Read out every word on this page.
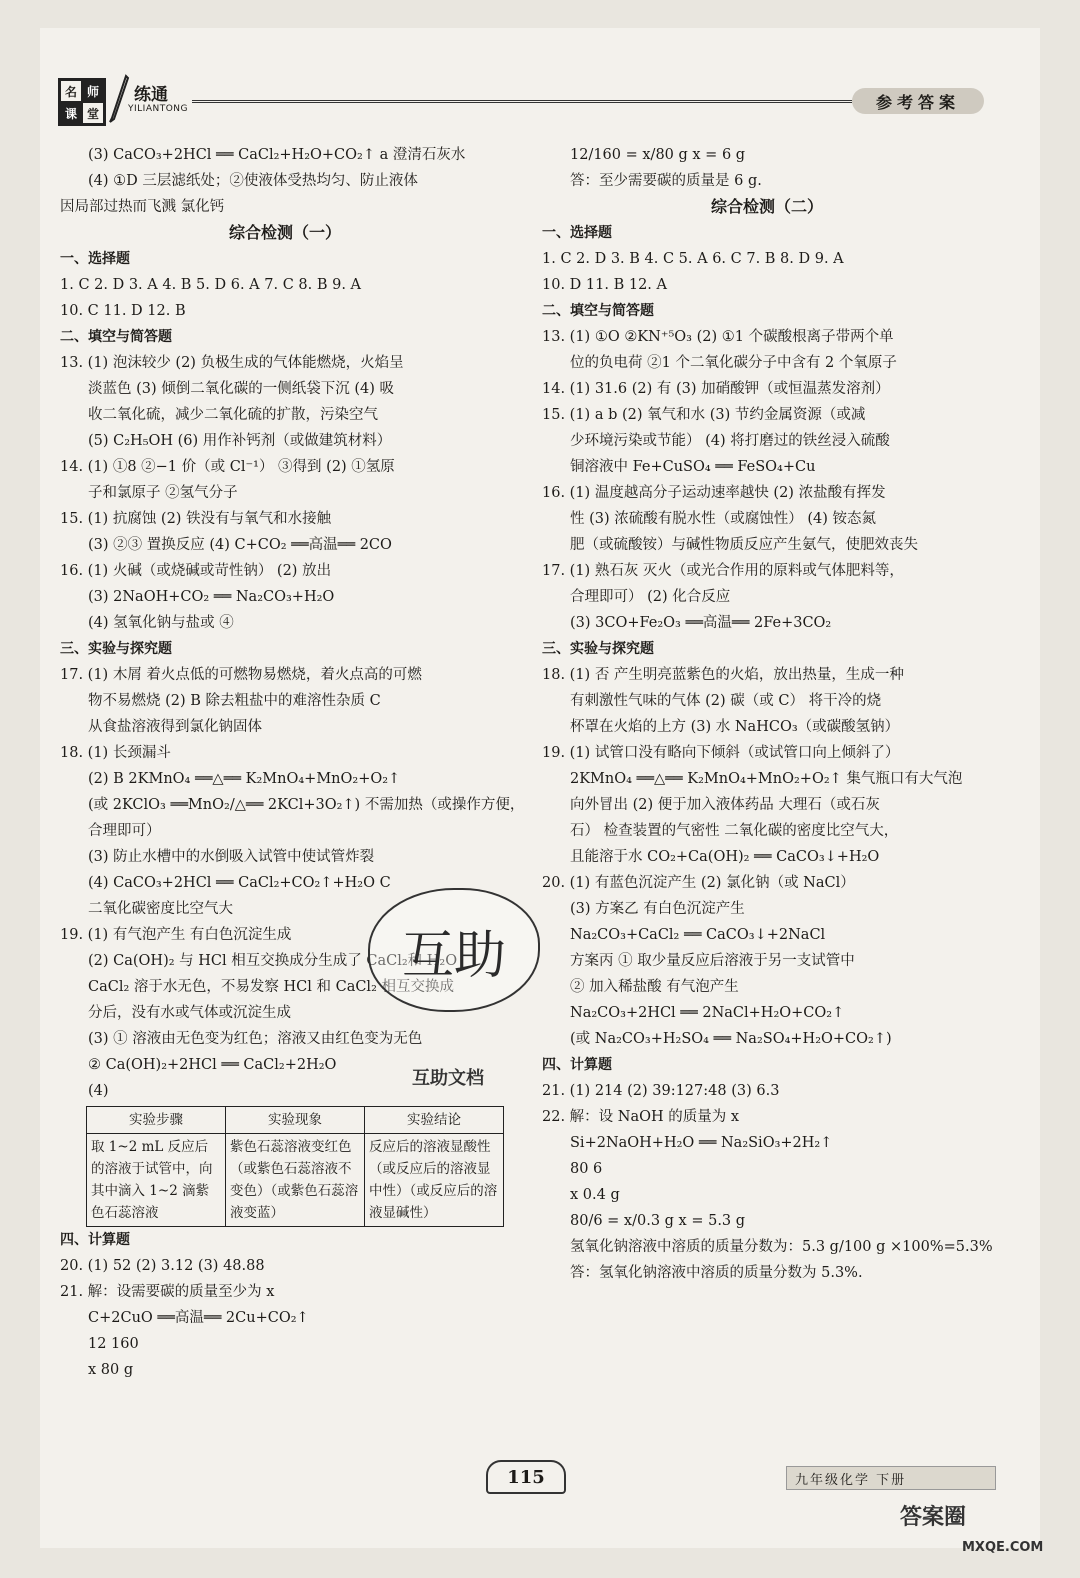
名 师
课 堂
练通
YILIANTONG	参考答案
(3) CaCO₃+2HCl ══ CaCl₂+H₂O+CO₂↑ a 澄清石灰水
(4) ①D 三层滤纸处；②使液体受热均匀、防止液体
因局部过热而飞溅 氯化钙
综合检测（一）
一、选择题
1. C 2. D 3. A 4. B 5. D 6. A 7. C 8. B 9. A
10. C 11. D 12. B
二、填空与简答题
13. (1) 泡沫较少 (2) 负极生成的气体能燃烧，火焰呈
淡蓝色 (3) 倾倒二氧化碳的一侧纸袋下沉 (4) 吸
收二氧化硫，减少二氧化硫的扩散，污染空气
(5) C₂H₅OH (6) 用作补钙剂（或做建筑材料）
14. (1) ①8 ②−1 价（或 Cl⁻¹） ③得到 (2) ①氢原
子和氯原子 ②氢气分子
15. (1) 抗腐蚀 (2) 铁没有与氧气和水接触
(3) ②③ 置换反应 (4) C+CO₂ ══高温══ 2CO
16. (1) 火碱（或烧碱或苛性钠） (2) 放出
(3) 2NaOH+CO₂ ══ Na₂CO₃+H₂O
(4) 氢氧化钠与盐或 ④
三、实验与探究题
17. (1) 木屑 着火点低的可燃物易燃烧，着火点高的可燃
物不易燃烧 (2) B 除去粗盐中的难溶性杂质 C
从食盐溶液得到氯化钠固体
18. (1) 长颈漏斗
(2) B 2KMnO₄ ══△══ K₂MnO₄+MnO₂+O₂↑
(或 2KClO₃ ══MnO₂/△══ 2KCl+3O₂↑) 不需加热（或操作方便，
合理即可）
(3) 防止水槽中的水倒吸入试管中使试管炸裂
(4) CaCO₃+2HCl ══ CaCl₂+CO₂↑+H₂O C
二氧化碳密度比空气大
19. (1) 有气泡产生 有白色沉淀生成
(2) Ca(OH)₂ 与 HCl 相互交换成分生成了 CaCl₂和 H₂O
CaCl₂ 溶于水无色，不易发察 HCl 和 CaCl₂ 相互交换成
分后，没有水或气体或沉淀生成
(3) ① 溶液由无色变为红色；溶液又由红色变为无色
② Ca(OH)₂+2HCl ══ CaCl₂+2H₂O
(4)
实验步骤	实验现象	实验结论
取 1~2 mL 反应后的溶液于试管中，向其中滴入 1~2 滴紫色石蕊溶液	紫色石蕊溶液变红色（或紫色石蕊溶液不变色）（或紫色石蕊溶液变蓝）	反应后的溶液显酸性（或反应后的溶液显中性）（或反应后的溶液显碱性）
四、计算题
20. (1) 52 (2) 3.12 (3) 48.88
21. 解：设需要碳的质量至少为 x
C+2CuO ══高温══ 2Cu+CO₂↑
12 160
x 80 g
12/160 = x/80 g x = 6 g
答：至少需要碳的质量是 6 g.
综合检测（二）
一、选择题
1. C 2. D 3. B 4. C 5. A 6. C 7. B 8. D 9. A
10. D 11. B 12. A
二、填空与简答题
13. (1) ①O ②KN⁺⁵O₃ (2) ①1 个碳酸根离子带两个单
位的负电荷 ②1 个二氧化碳分子中含有 2 个氧原子
14. (1) 31.6 (2) 有 (3) 加硝酸钾（或恒温蒸发溶剂）
15. (1) a b (2) 氧气和水 (3) 节约金属资源（或减
少环境污染或节能） (4) 将打磨过的铁丝浸入硫酸
铜溶液中 Fe+CuSO₄ ══ FeSO₄+Cu
16. (1) 温度越高分子运动速率越快 (2) 浓盐酸有挥发
性 (3) 浓硫酸有脱水性（或腐蚀性） (4) 铵态氮
肥（或硫酸铵）与碱性物质反应产生氨气，使肥效丧失
17. (1) 熟石灰 灭火（或光合作用的原料或气体肥料等，
合理即可） (2) 化合反应
(3) 3CO+Fe₂O₃ ══高温══ 2Fe+3CO₂
三、实验与探究题
18. (1) 否 产生明亮蓝紫色的火焰，放出热量，生成一种
有刺激性气味的气体 (2) 碳（或 C） 将干冷的烧
杯罩在火焰的上方 (3) 水 NaHCO₃（或碳酸氢钠）
19. (1) 试管口没有略向下倾斜（或试管口向上倾斜了）
2KMnO₄ ══△══ K₂MnO₄+MnO₂+O₂↑ 集气瓶口有大气泡
向外冒出 (2) 便于加入液体药品 大理石（或石灰
石） 检查装置的气密性 二氧化碳的密度比空气大，
且能溶于水 CO₂+Ca(OH)₂ ══ CaCO₃↓+H₂O
20. (1) 有蓝色沉淀产生 (2) 氯化钠（或 NaCl）
(3) 方案乙 有白色沉淀产生
Na₂CO₃+CaCl₂ ══ CaCO₃↓+2NaCl
方案丙 ① 取少量反应后溶液于另一支试管中
② 加入稀盐酸 有气泡产生
Na₂CO₃+2HCl ══ 2NaCl+H₂O+CO₂↑
(或 Na₂CO₃+H₂SO₄ ══ Na₂SO₄+H₂O+CO₂↑)
四、计算题
21. (1) 214 (2) 39:127:48 (3) 6.3
22. 解：设 NaOH 的质量为 x
Si+2NaOH+H₂O ══ Na₂SiO₃+2H₂↑
80 6
x 0.4 g
80/6 = x/0.3 g x = 5.3 g
氢氧化钠溶液中溶质的质量分数为：5.3 g/100 g ×100%=5.3%
答：氢氧化钠溶液中溶质的质量分数为 5.3%.
互助
互助文档
115	九年级化学 下册
答案圈
MXQE.COM
